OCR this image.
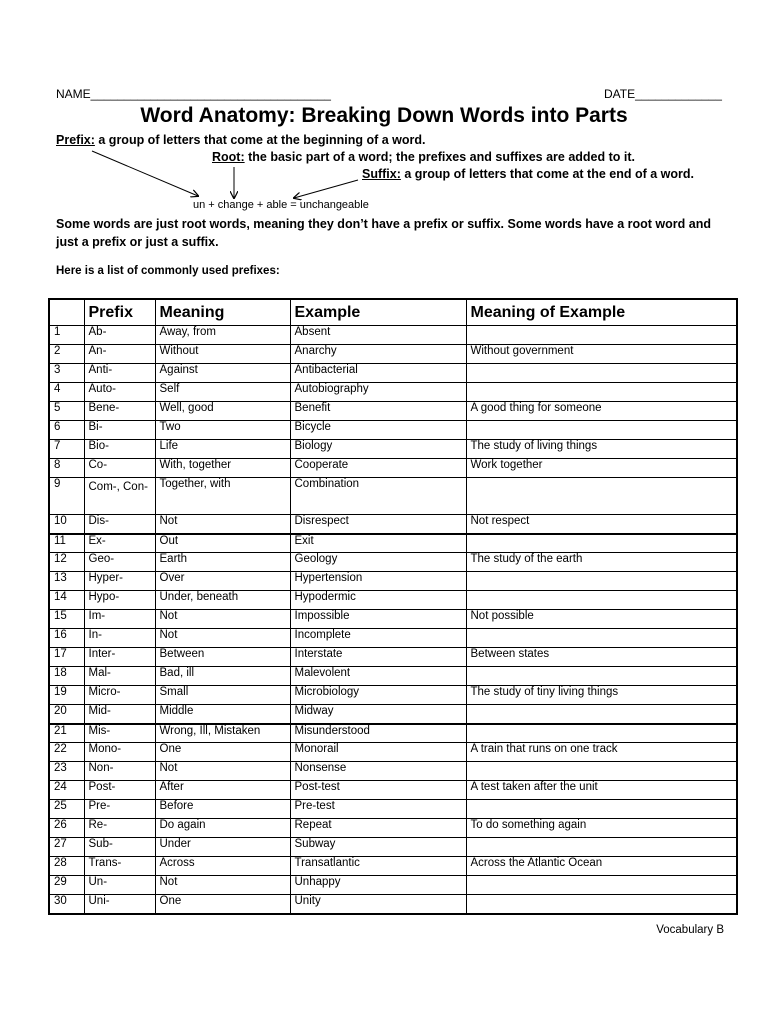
NAME____________________________________	DATE_____________
Word Anatomy: Breaking Down Words into Parts
Prefix: a group of letters that come at the beginning of a word.
Root: the basic part of a word; the prefixes and suffixes are added to it.
Suffix: a group of letters that come at the end of a word.
un + change + able = unchangeable
Some words are just root words, meaning they don’t have a prefix or suffix. Some words have a root word and just a prefix or just a suffix.
Here is a list of commonly used prefixes:
	Prefix	Meaning	Example	Meaning of Example
1	Ab-	Away, from	Absent	
2	An-	Without	Anarchy	Without government
3	Anti-	Against	Antibacterial	
4	Auto-	Self	Autobiography	
5	Bene-	Well, good	Benefit	A good thing for someone
6	Bi-	Two	Bicycle	
7	Bio-	Life	Biology	The study of living things
8	Co-	With, together	Cooperate	Work together
9	Com-, Con-	Together, with	Combination	
10	Dis-	Not	Disrespect	Not respect
11	Ex-	Out	Exit	
12	Geo-	Earth	Geology	The study of the earth
13	Hyper-	Over	Hypertension	
14	Hypo-	Under, beneath	Hypodermic	
15	Im-	Not	Impossible	Not possible
16	In-	Not	Incomplete	
17	Inter-	Between	Interstate	Between states
18	Mal-	Bad, ill	Malevolent	
19	Micro-	Small	Microbiology	The study of tiny living things
20	Mid-	Middle	Midway	
21	Mis-	Wrong, Ill, Mistaken	Misunderstood	
22	Mono-	One	Monorail	A train that runs on one track
23	Non-	Not	Nonsense	
24	Post-	After	Post-test	A test taken after the unit
25	Pre-	Before	Pre-test	
26	Re-	Do again	Repeat	To do something again
27	Sub-	Under	Subway	
28	Trans-	Across	Transatlantic	Across the Atlantic Ocean
29	Un-	Not	Unhappy	
30	Uni-	One	Unity	
Vocabulary B
